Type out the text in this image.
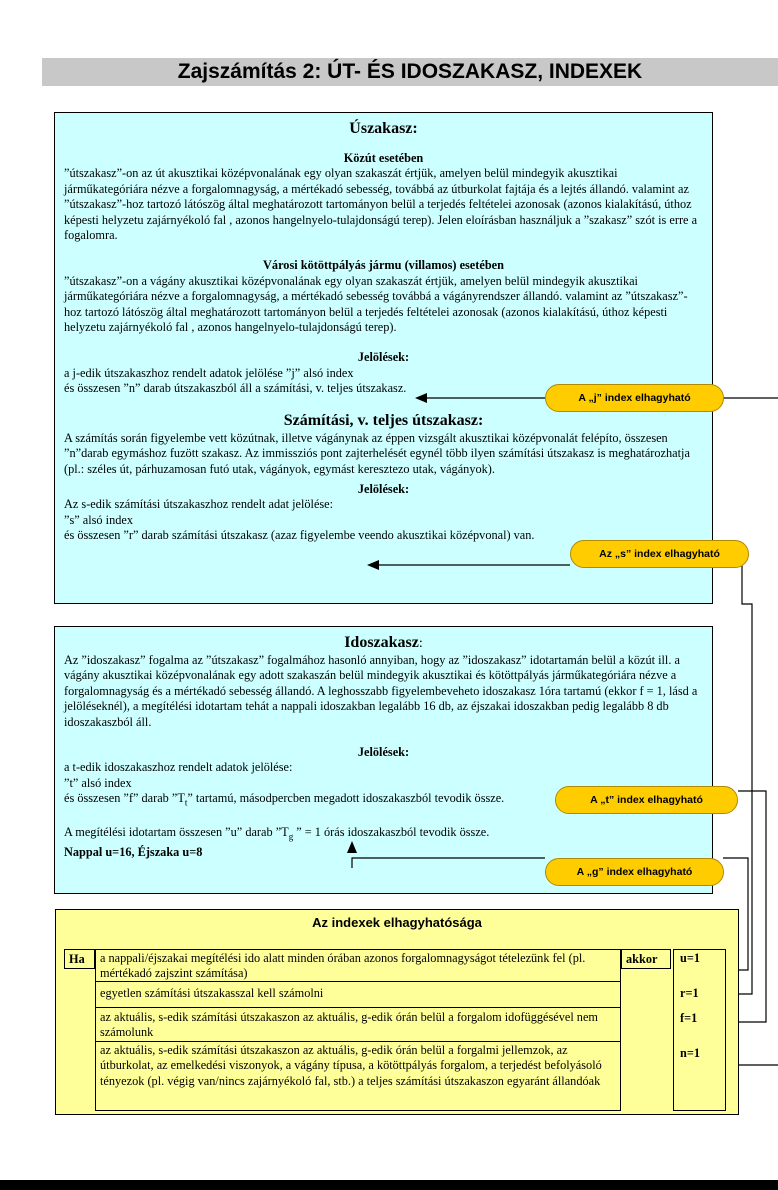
Zajszámítás 2: ÚT- ÉS IDOSZAKASZ, INDEXEK

Úszakasz:

Közút esetében

”útszakasz”-on az út akusztikai középvonalának egy olyan szakaszát értjük, amelyen belül mindegyik akusztikai járműkategóriára nézve a forgalomnagyság, a mértékadó sebesség, továbbá az útburkolat fajtája és a lejtés állandó. valamint az ”útszakasz”-hoz tartozó látószög által meghatározott tartományon belül a terjedés feltételei azonosak (azonos kialakítású, úthoz képesti helyzetu zajárnyékoló fal , azonos hangelnyelo-tulajdonságú terep). Jelen eloírásban használjuk a ”szakasz” szót is erre a fogalomra.

Városi kötöttpályás jármu (villamos) esetében

”útszakasz”-on a vágány akusztikai középvonalának egy olyan szakaszát értjük, amelyen belül mindegyik akusztikai járműkategóriára nézve a forgalomnagyság, a mértékadó sebesség továbbá a vágányrendszer állandó. valamint az ”útszakasz”-hoz tartozó látószög által meghatározott tartományon belül a terjedés feltételei azonosak (azonos kialakítású, úthoz képesti helyzetu zajárnyékoló fal , azonos hangelnyelo-tulajdonságú terep).

Jelölések:

a j-edik útszakaszhoz rendelt adatok jelölése ”j” alsó index

és összesen ”n” darab útszakaszból áll a számítási, v. teljes útszakasz.

Számítási, v. teljes útszakasz:

A számítás során figyelembe vett közútnak, illetve vágánynak az éppen vizsgált akusztikai középvonalát felépíto, összesen ”n”darab egymáshoz fuzött szakasz. Az immissziós pont zajterhelését egynél több ilyen számítási útszakasz is meghatározhatja (pl.: széles út, párhuzamosan futó utak, vágányok, egymást keresztezo utak, vágányok).

Jelölések:

Az s-edik számítási útszakaszhoz rendelt adat jelölése:

”s” alsó index

és összesen ”r” darab számítási útszakasz (azaz figyelembe veendo akusztikai középvonal) van.

Idoszakasz:

Az ”idoszakasz” fogalma az ”útszakasz” fogalmához hasonló annyiban, hogy az ”idoszakasz” idotartamán belül a közút ill. a vágány akusztikai középvonalának egy adott szakaszán belül mindegyik akusztikai és kötöttpályás járműkategóriára nézve a forgalomnagyság és a mértékadó sebesség állandó. A leghosszabb figyelembeveheto idoszakasz 1óra tartamú (ekkor f = 1, lásd a jelöléseknél), a megítélési idotartam tehát a nappali idoszakban legalább 16 db, az éjszakai idoszakban pedig legalább 8 db idoszakaszból áll.

Jelölések:

a t-edik idoszakaszhoz rendelt adatok jelölése:

”t” alsó index

és összesen ”f” darab $”T_t$” tartamú, másodpercben megadott idoszakaszból tevodik össze.

A megítélési idotartam összesen ”u” darab $”T_g$ ” = 1 órás idoszakaszból tevodik össze.

Nappal u=16, Éjszaka u=8

A „j” index elhagyható
Az „s” index elhagyható
A „t” index elhagyható
A „g” index elhagyható
Az indexek elhagyhatósága
Ha	a nappali/éjszakai megítélési ido alatt minden órában azonos forgalomnagyságot tételezünk fel (pl. mértékadó zajszint számítása)
egyetlen számítási útszakasszal kell számolni
az aktuális, s-edik számítási útszakaszon az aktuális, g-edik órán belül a forgalom idofüggésével nem számolunk
az aktuális, s-edik számítási útszakaszon az aktuális, g-edik órán belül a forgalmi jellemzok, az útburkolat, az emelkedési viszonyok, a vágány típusa, a kötöttpályás forgalom, a terjedést befolyásoló tényezok (pl. végig van/nincs zajárnyékoló fal, stb.) a teljes számítási útszakaszon egyaránt állandóak
akkor	u=1
r=1
f=1
n=1
